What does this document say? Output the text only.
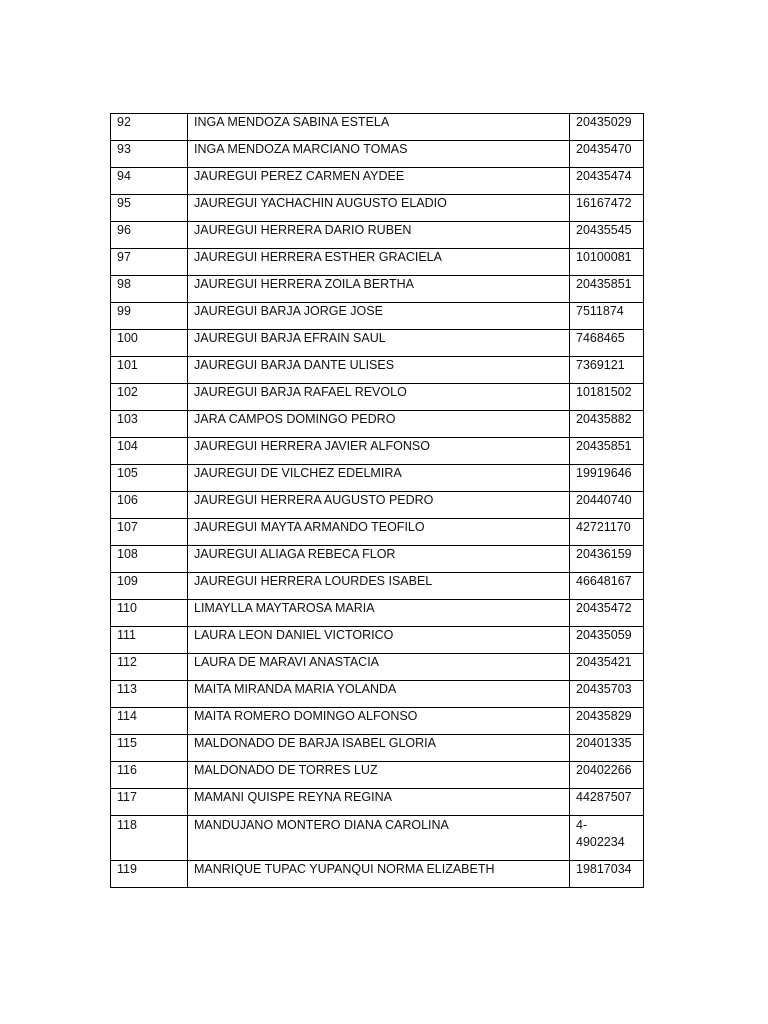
92	INGA MENDOZA SABINA ESTELA	20435029
93	INGA MENDOZA MARCIANO TOMAS	20435470
94	JAUREGUI PEREZ CARMEN AYDEE	20435474
95	JAUREGUI YACHACHIN AUGUSTO ELADIO	16167472
96	JAUREGUI HERRERA DARIO RUBEN	20435545
97	JAUREGUI HERRERA ESTHER GRACIELA	10100081
98	JAUREGUI HERRERA ZOILA BERTHA	20435851
99	JAUREGUI BARJA JORGE JOSE	7511874
100	JAUREGUI BARJA EFRAIN SAUL	7468465
101	JAUREGUI BARJA DANTE ULISES	7369121
102	JAUREGUI BARJA RAFAEL REVOLO	10181502
103	JARA CAMPOS DOMINGO PEDRO	20435882
104	JAUREGUI HERRERA JAVIER ALFONSO	20435851
105	JAUREGUI DE VILCHEZ EDELMIRA	19919646
106	JAUREGUI HERRERA AUGUSTO PEDRO	20440740
107	JAUREGUI MAYTA ARMANDO TEOFILO	42721170
108	JAUREGUI ALIAGA REBECA FLOR	20436159
109	JAUREGUI HERRERA LOURDES ISABEL	46648167
110	LIMAYLLA MAYTAROSA MARIA	20435472
111	LAURA LEON DANIEL VICTORICO	20435059
112	LAURA DE MARAVI ANASTACIA	20435421
113	MAITA MIRANDA MARIA YOLANDA	20435703
114	MAITA ROMERO DOMINGO ALFONSO	20435829
115	MALDONADO DE BARJA ISABEL GLORIA	20401335
116	MALDONADO DE TORRES LUZ	20402266
117	MAMANI QUISPE REYNA REGINA	44287507
118	MANDUJANO MONTERO DIANA CAROLINA	4-
4902234
119	MANRIQUE TUPAC YUPANQUI NORMA ELIZABETH	19817034
